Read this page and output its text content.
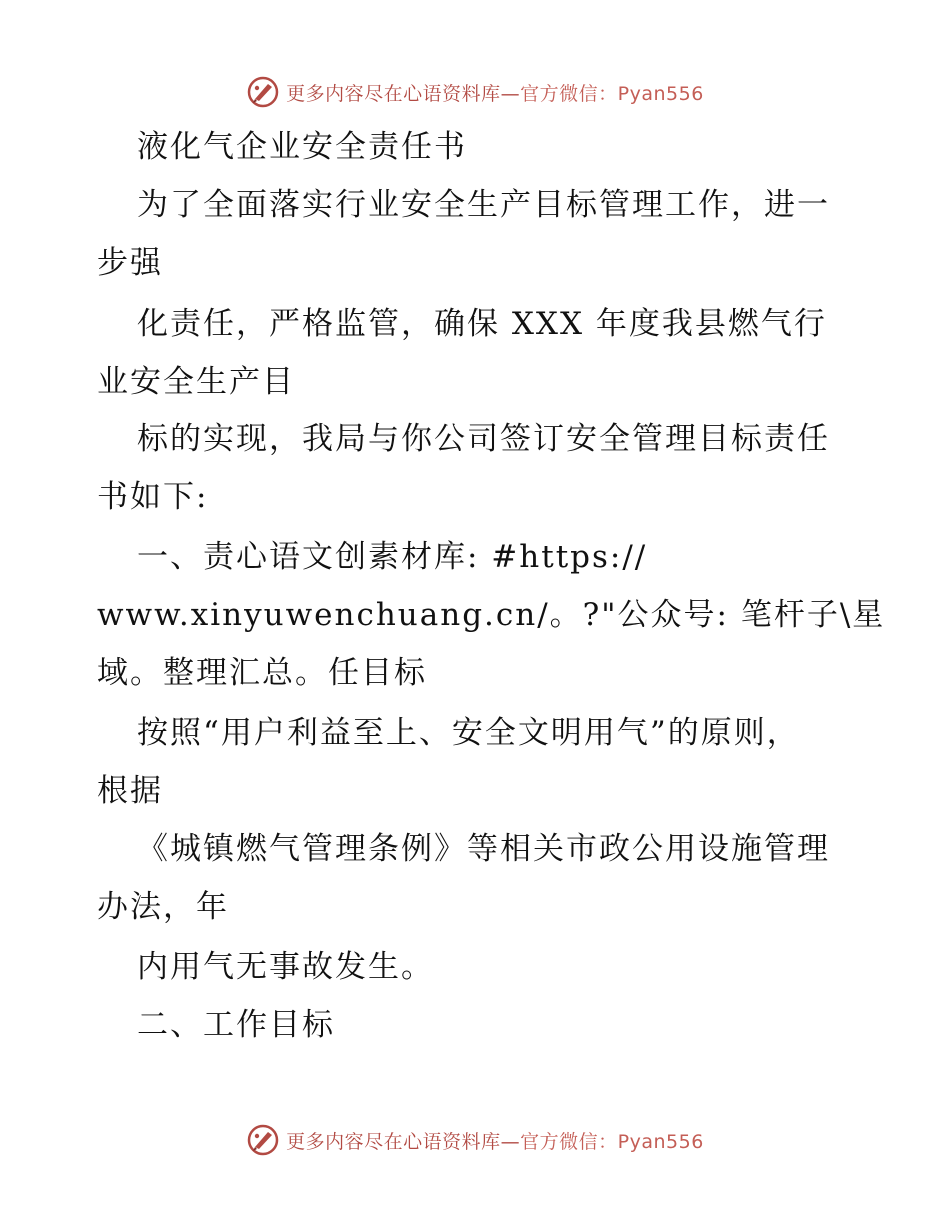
更多内容尽在心语资料库—官方微信：Pyan556
液化气企业安全责任书
为了全面落实行业安全生产目标管理工作，进一
步强
化责任，严格监管，确保 XXX 年度我县燃气行
业安全生产目
标的实现，我局与你公司签订安全管理目标责任
书如下:
一、责心语文创素材库: #https://
www.xinyuwenchuang.cn/。?"公众号: 笔杆子\星
域。整理汇总。任目标
按照“用户利益至上、安全文明用气”的原则，
根据
《城镇燃气管理条例》等相关市政公用设施管理
办法，年
内用气无事故发生。
二、工作目标
更多内容尽在心语资料库—官方微信：Pyan556
